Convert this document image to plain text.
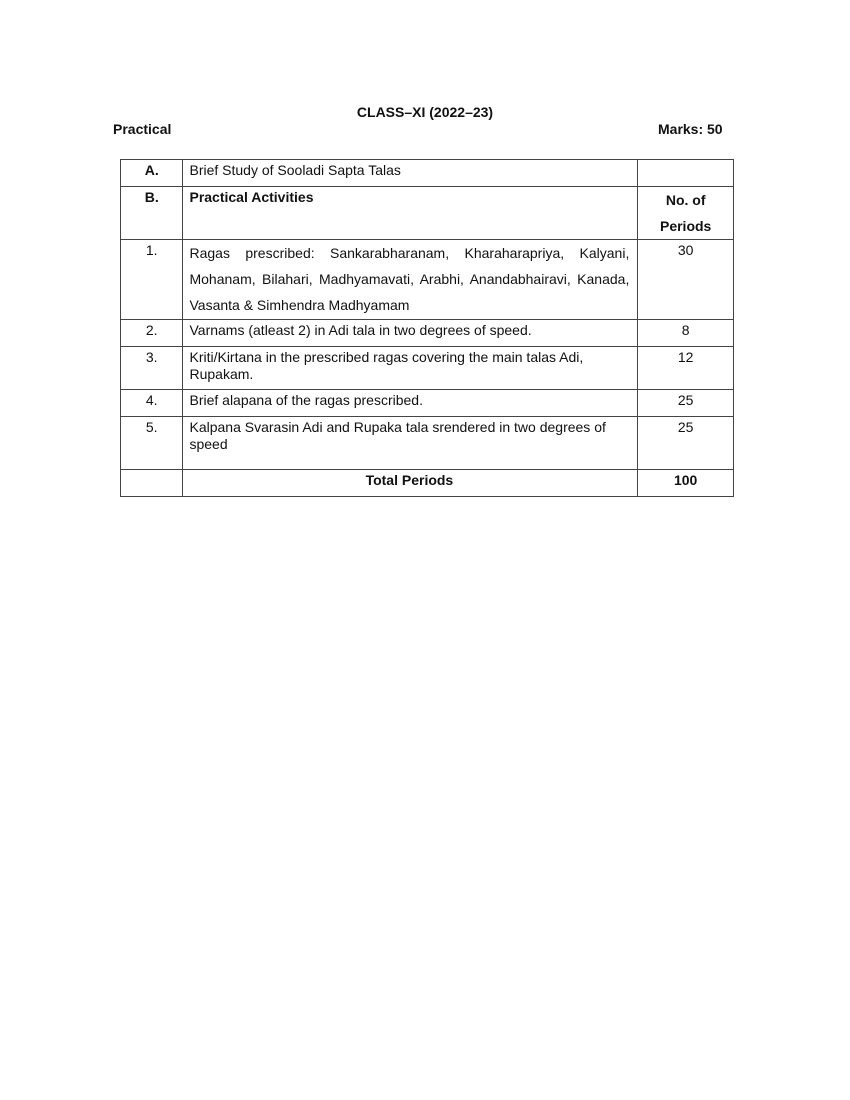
CLASS–XI (2022–23)
Practical	Marks: 50
A.	Brief Study of Sooladi Sapta Talas	
B.	Practical Activities	No. of Periods
1.	Ragas prescribed: Sankarabharanam, Kharaharapriya, Kalyani, Mohanam, Bilahari, Madhyamavati, Arabhi, Anandabhairavi, Kanada, Vasanta & Simhendra Madhyamam	30
2.	Varnams (atleast 2) in Adi tala in two degrees of speed.	8
3.	Kriti/Kirtana in the prescribed ragas covering the main talas Adi, Rupakam.	12
4.	Brief alapana of the ragas prescribed.	25
5.	Kalpana Svarasin Adi and Rupaka tala srendered in two degrees of speed	25
	Total Periods	100
